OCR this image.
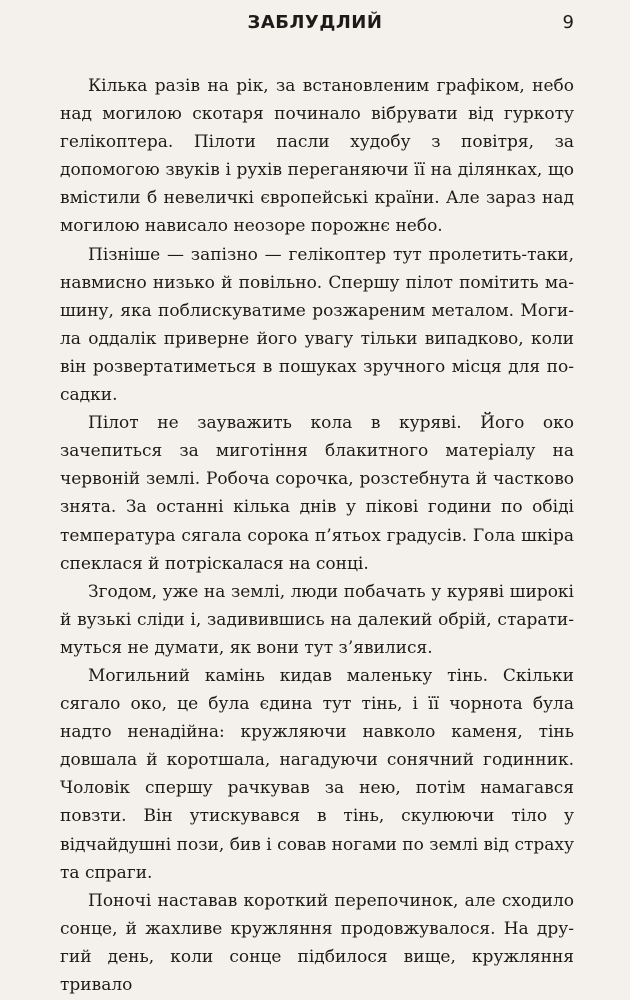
ЗАБЛУДЛИЙ	9

Кілька разів на рік, за встановленим графіком, небо над могилою скотаря починало вібрувати від гуркоту гелікоптера. Пілоти пасли худобу з повітря, за допомогою звуків і рухів переганяючи її на ділянках, що вмістили б невеличкі європейські країни. Але зараз над могилою нависало неозоре порожнє небо.

Пізніше — запізно — гелікоптер тут пролетить-таки, навмисно низько й повільно. Спершу пілот помітить машину, яка поблискуватиме розжареним металом. Могила оддалік приверне його увагу тільки випадково, коли він розвертатиметься в пошуках зручного місця для посадки.

Пілот не зауважить кола в куряві. Його око зачепиться за миготіння блакитного матеріалу на червоній землі. Робоча сорочка, розстебнута й частково знята. За останні кілька днів у пікові години по обіді температура сягала сорока п’ятьох градусів. Гола шкіра спеклася й потріскалася на сонці.

Згодом, уже на землі, люди побачать у куряві широкі й вузькі сліди і, задивившись на далекий обрій, старатимуться не думати, як вони тут з’явилися.

Могильний камінь кидав маленьку тінь. Скільки сягало око, це була єдина тут тінь, і її чорнота була надто ненадійна: кружляючи навколо каменя, тінь довшала й коротшала, нагадуючи сонячний годинник. Чоловік спершу рачкував за нею, потім намагався повзти. Він утискувався в тінь, скулюючи тіло у відчайдушні пози, бив і совав ногами по землі від страху та спраги.

Поночі наставав короткий перепочинок, але сходило сонце, й жахливе кружляння продовжувалося. На другий день, коли сонце підбилося вище, кружляння тривало
